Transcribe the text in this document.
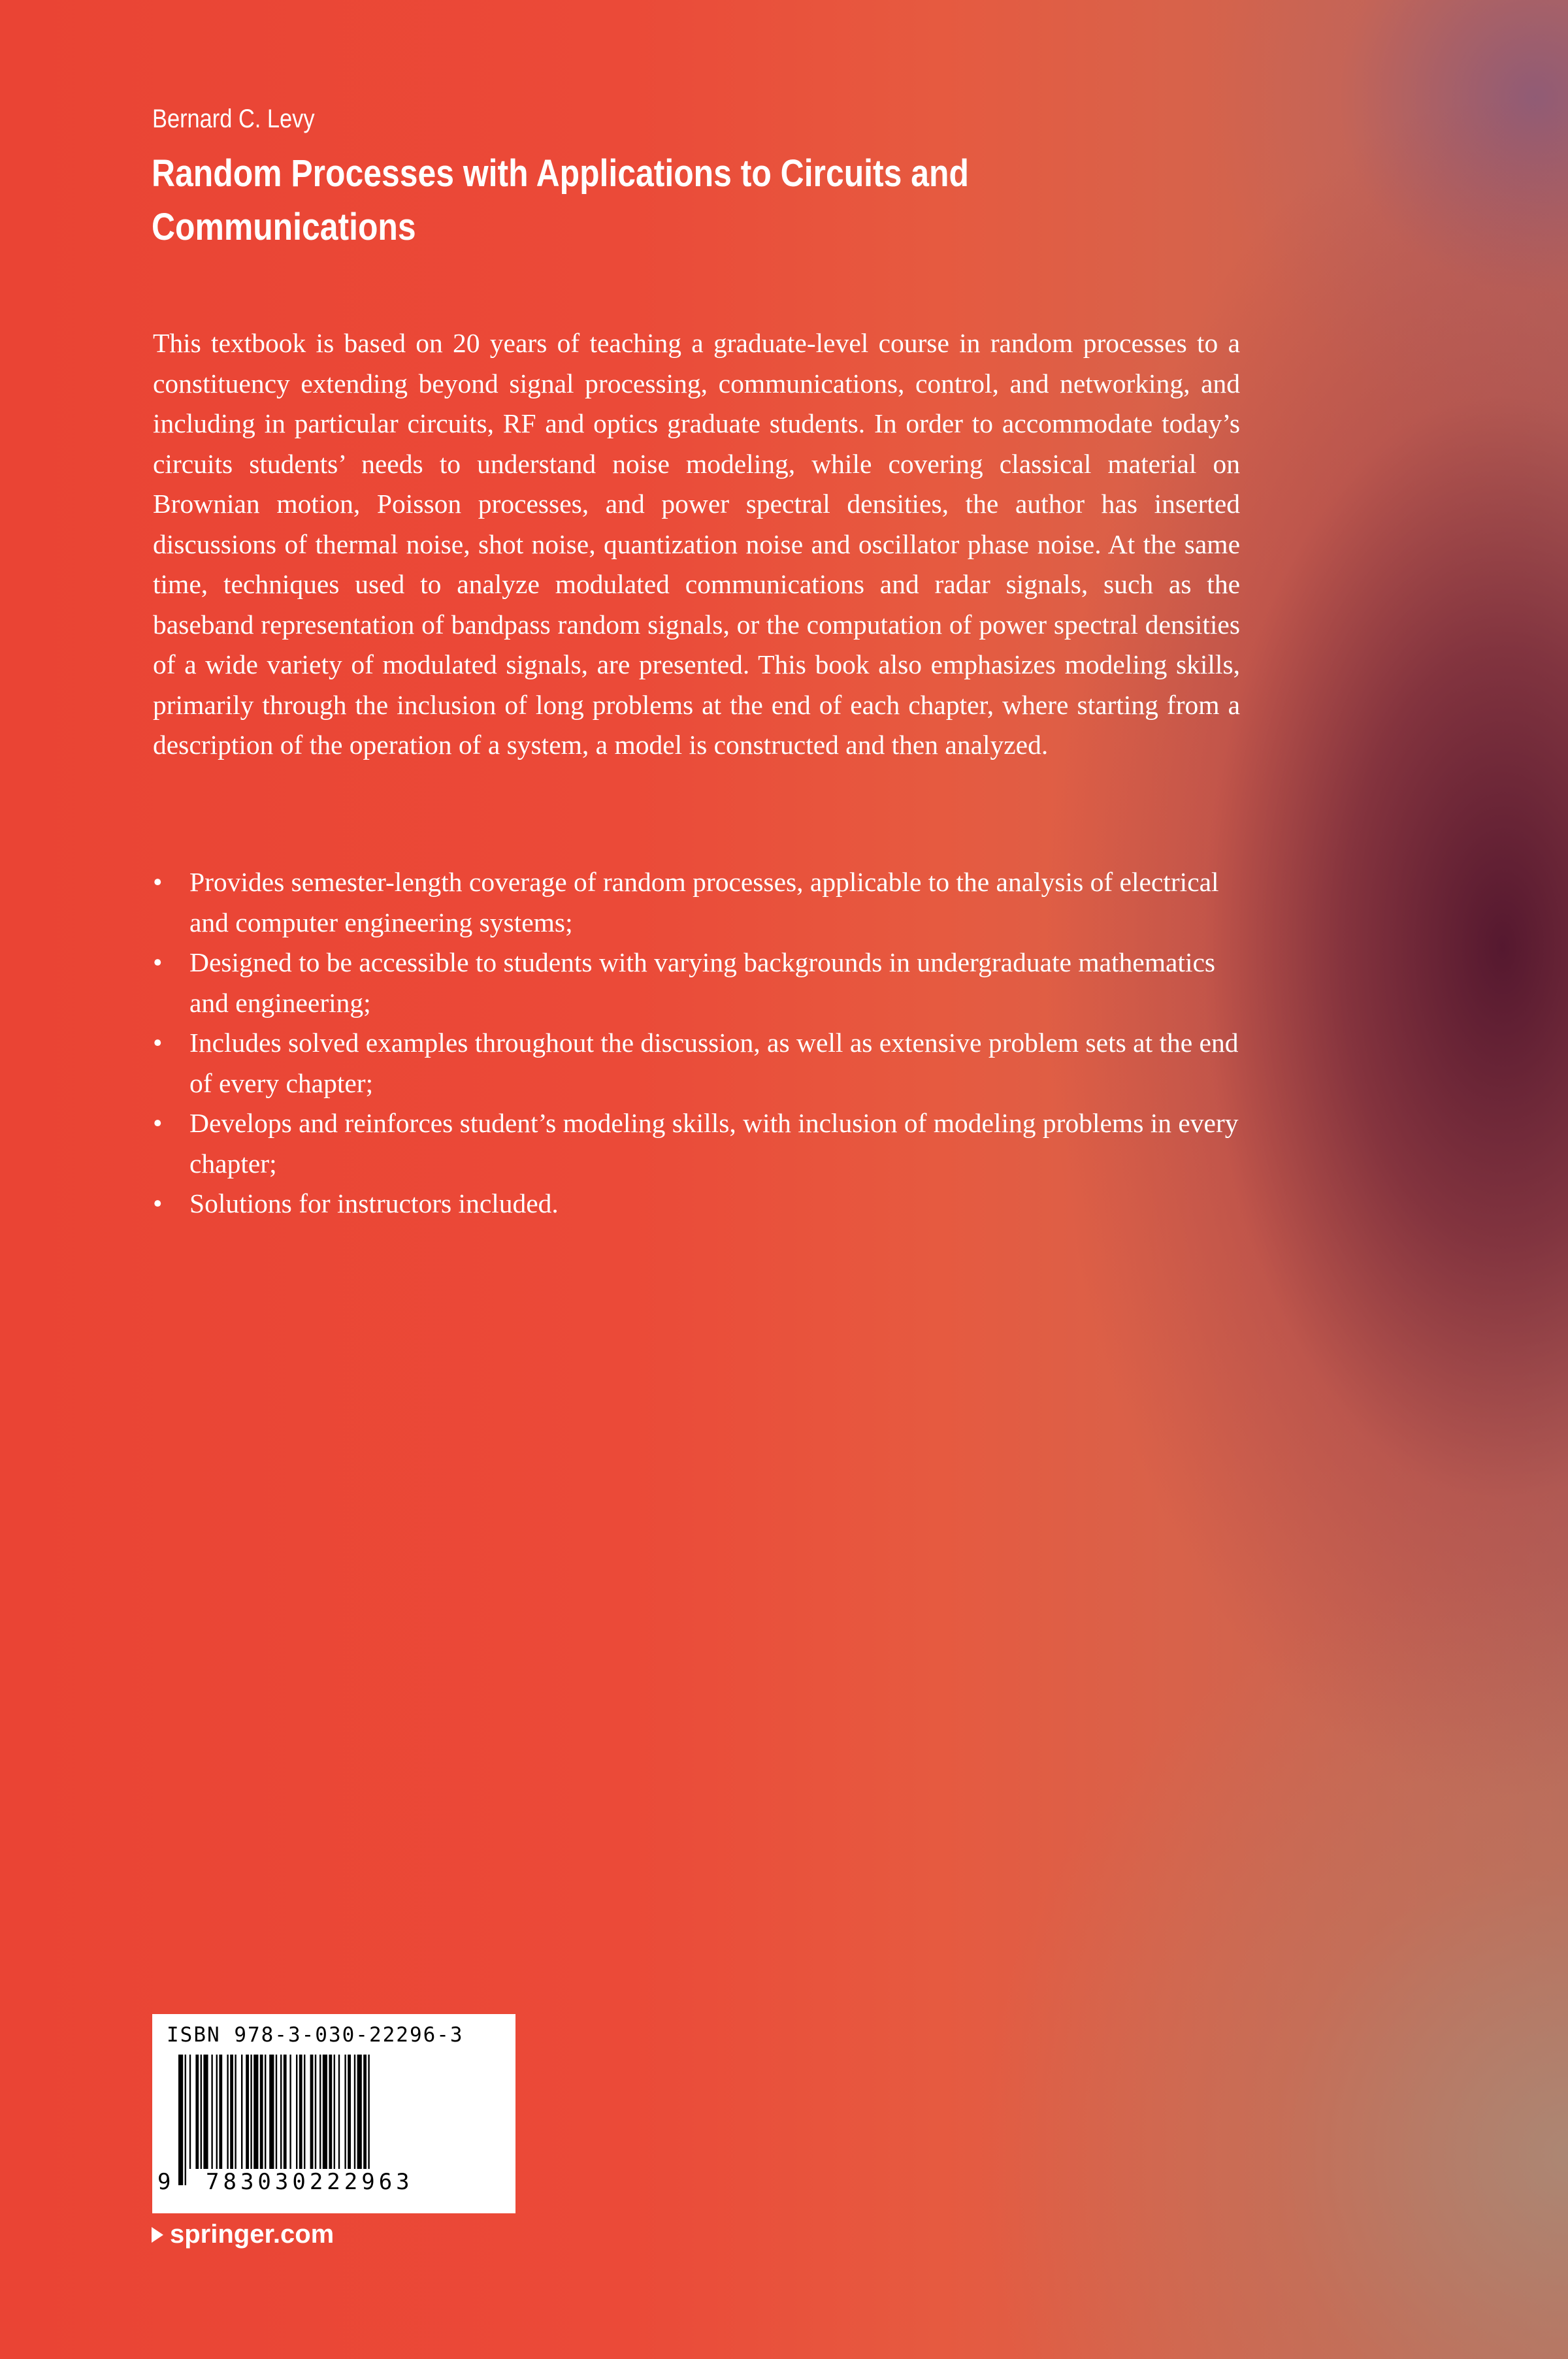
Bernard C. Levy
Random Processes with Applications to Circuits and Communications

This textbook is based on 20 years of teaching a graduate-level course in random processes to a constituency extending beyond signal processing, communications, control, and networking, and including in particular circuits, RF and optics graduate students. In order to accommodate today’s circuits students’ needs to understand noise modeling, while covering classical material on Brownian motion, Poisson processes, and power spectral densities, the author has inserted discussions of thermal noise, shot noise, quantization noise and oscillator phase noise. At the same time, techniques used to analyze modulated communications and radar signals, such as the baseband representation of bandpass random signals, or the computation of power spectral densities of a wide variety of modulated signals, are presented. This book also emphasizes modeling skills, primarily through the inclusion of long problems at the end of each chapter, where starting from a description of the operation of a system, a model is constructed and then analyzed.

• Provides semester-length coverage of random processes, applicable to the analysis of electrical and computer engineering systems;
• Designed to be accessible to students with varying backgrounds in undergraduate mathematics and engineering;
• Includes solved examples throughout the discussion, as well as extensive problem sets at the end of every chapter;
• Develops and reinforces student’s modeling skills, with inclusion of modeling problems in every chapter;
• Solutions for instructors included.
ISBN 978-3-030-22296-3
9 783030222963
springer.com
